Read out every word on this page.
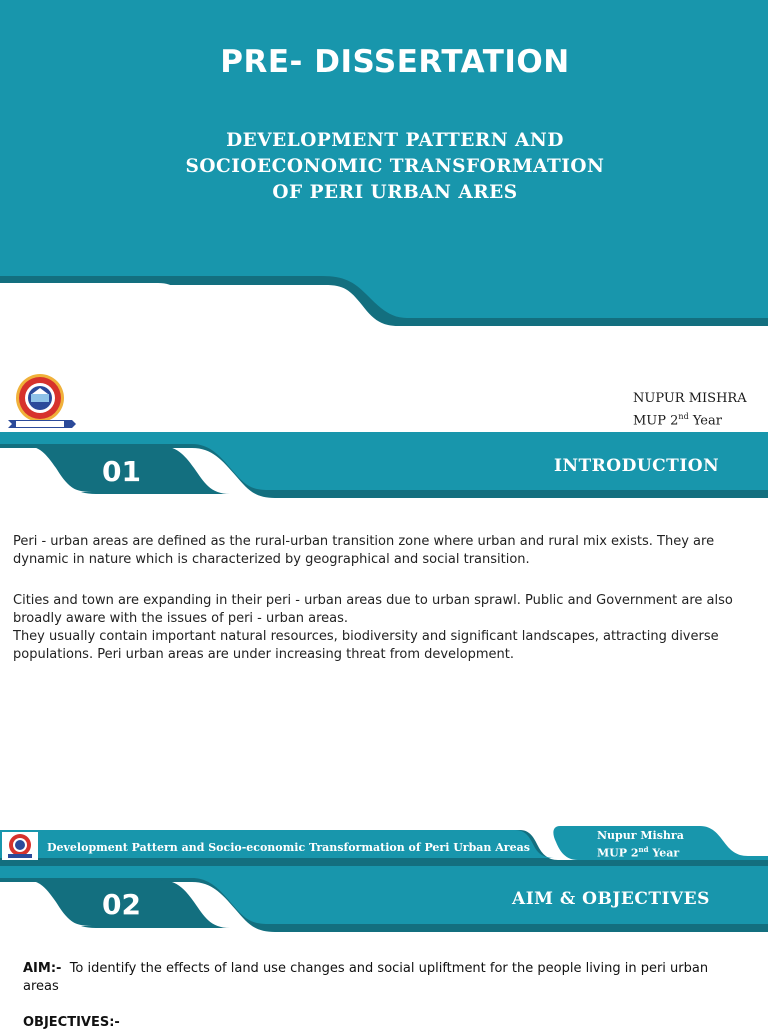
PRE- DISSERTATION
DEVELOPMENT PATTERN AND
SOCIOECONOMIC TRANSFORMATION
OF PERI URBAN ARES
NUPUR MISHRA
MUP 2nd Year
01	INTRODUCTION

Peri - urban areas are defined as the rural-urban transition zone where urban and rural mix exists. They are dynamic in nature which is characterized by geographical and social transition.

Cities and town are expanding in their peri - urban areas due to urban sprawl. Public and Government are also broadly aware with the issues of peri - urban areas.

They usually contain important natural resources, biodiversity and significant landscapes, attracting diverse populations. Peri urban areas are under increasing threat from development.

Development Pattern and Socio-economic Transformation of Peri Urban Areas
Nupur Mishra
MUP 2nd Year
02	AIM & OBJECTIVES

AIM:- To identify the effects of land use changes and social upliftment for the people living in peri urban areas

OBJECTIVES:-
